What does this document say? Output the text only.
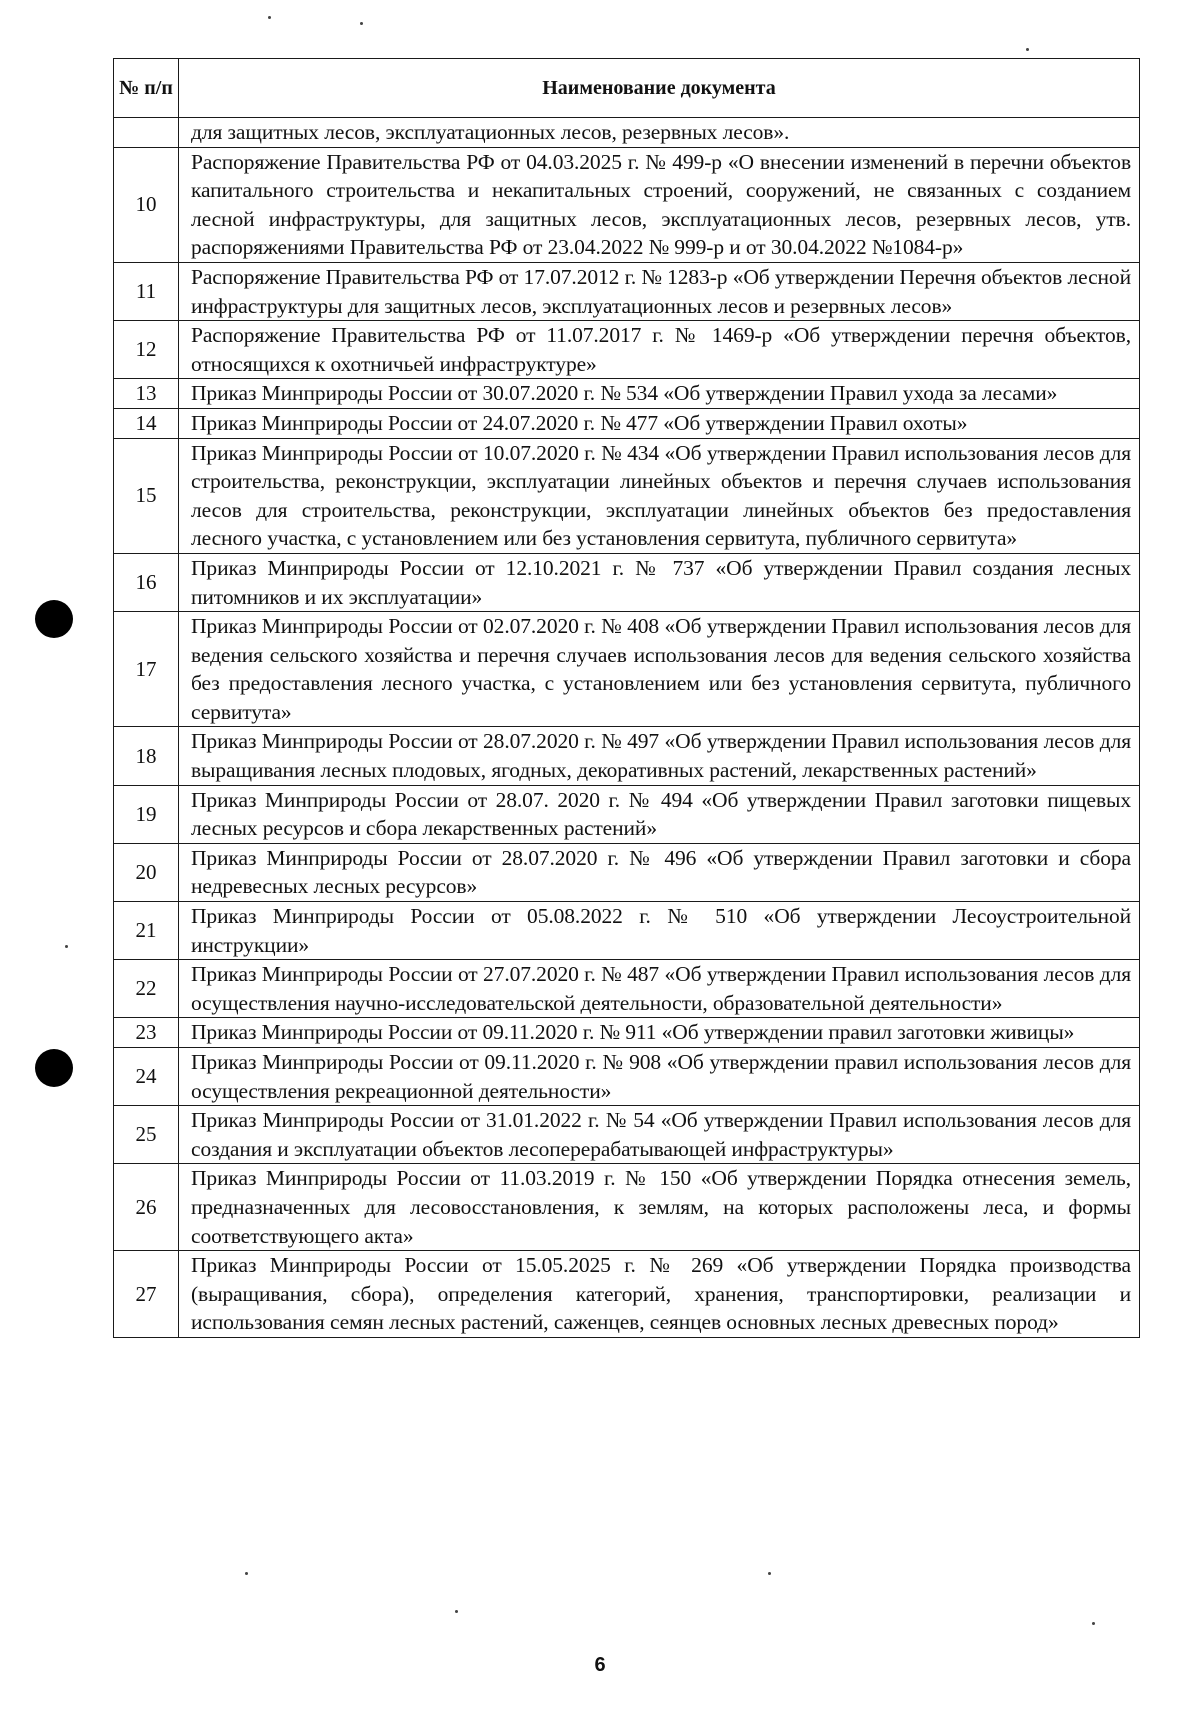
№ п/п	Наименование документа
	для защитных лесов, эксплуатационных лесов, резервных лесов».
10	Распоряжение Правительства РФ от 04.03.2025 г. № 499-р «О внесении изменений в перечни объектов капитального строительства и некапитальных строений, сооружений, не связанных с созданием лесной инфраструктуры, для защитных лесов, эксплуатационных лесов, резервных лесов, утв. распоряжениями Правительства РФ от 23.04.2022 № 999-р и от 30.04.2022 №1084-р»
11	Распоряжение Правительства РФ от 17.07.2012 г. № 1283-р «Об утверждении Перечня объектов лесной инфраструктуры для защитных лесов, эксплуатационных лесов и резервных лесов»
12	Распоряжение Правительства РФ от 11.07.2017 г. № 1469-р «Об утверждении перечня объектов, относящихся к охотничьей инфраструктуре»
13	Приказ Минприроды России от 30.07.2020 г. № 534 «Об утверждении Правил ухода за лесами»
14	Приказ Минприроды России от 24.07.2020 г. № 477 «Об утверждении Правил охоты»
15	Приказ Минприроды России от 10.07.2020 г. № 434 «Об утверждении Правил использования лесов для строительства, реконструкции, эксплуатации линейных объектов и перечня случаев использования лесов для строительства, реконструкции, эксплуатации линейных объектов без предоставления лесного участка, с установлением или без установления сервитута, публичного сервитута»
16	Приказ Минприроды России от 12.10.2021 г. № 737 «Об утверждении Правил создания лесных питомников и их эксплуатации»
17	Приказ Минприроды России от 02.07.2020 г. № 408 «Об утверждении Правил использования лесов для ведения сельского хозяйства и перечня случаев использования лесов для ведения сельского хозяйства без предоставления лесного участка, с установлением или без установления сервитута, публичного сервитута»
18	Приказ Минприроды России от 28.07.2020 г. № 497 «Об утверждении Правил использования лесов для выращивания лесных плодовых, ягодных, декоративных растений, лекарственных растений»
19	Приказ Минприроды России от 28.07. 2020 г. № 494 «Об утверждении Правил заготовки пищевых лесных ресурсов и сбора лекарственных растений»
20	Приказ Минприроды России от 28.07.2020 г. № 496 «Об утверждении Правил заготовки и сбора недревесных лесных ресурсов»
21	Приказ Минприроды России от 05.08.2022 г. № 510 «Об утверждении Лесоустроительной инструкции»
22	Приказ Минприроды России от 27.07.2020 г. № 487 «Об утверждении Правил использования лесов для осуществления научно-исследовательской деятельности, образовательной деятельности»
23	Приказ Минприроды России от 09.11.2020 г. № 911 «Об утверждении правил заготовки живицы»
24	Приказ Минприроды России от 09.11.2020 г. № 908 «Об утверждении правил использования лесов для осуществления рекреационной деятельности»
25	Приказ Минприроды России от 31.01.2022 г. № 54 «Об утверждении Правил использования лесов для создания и эксплуатации объектов лесоперерабатывающей инфраструктуры»
26	Приказ Минприроды России от 11.03.2019 г. № 150 «Об утверждении Порядка отнесения земель, предназначенных для лесовосстановления, к землям, на которых расположены леса, и формы соответствующего акта»
27	Приказ Минприроды России от 15.05.2025 г. № 269 «Об утверждении Порядка производства (выращивания, сбора), определения категорий, хранения, транспортировки, реализации и использования семян лесных растений, саженцев, сеянцев основных лесных древесных пород»
6
